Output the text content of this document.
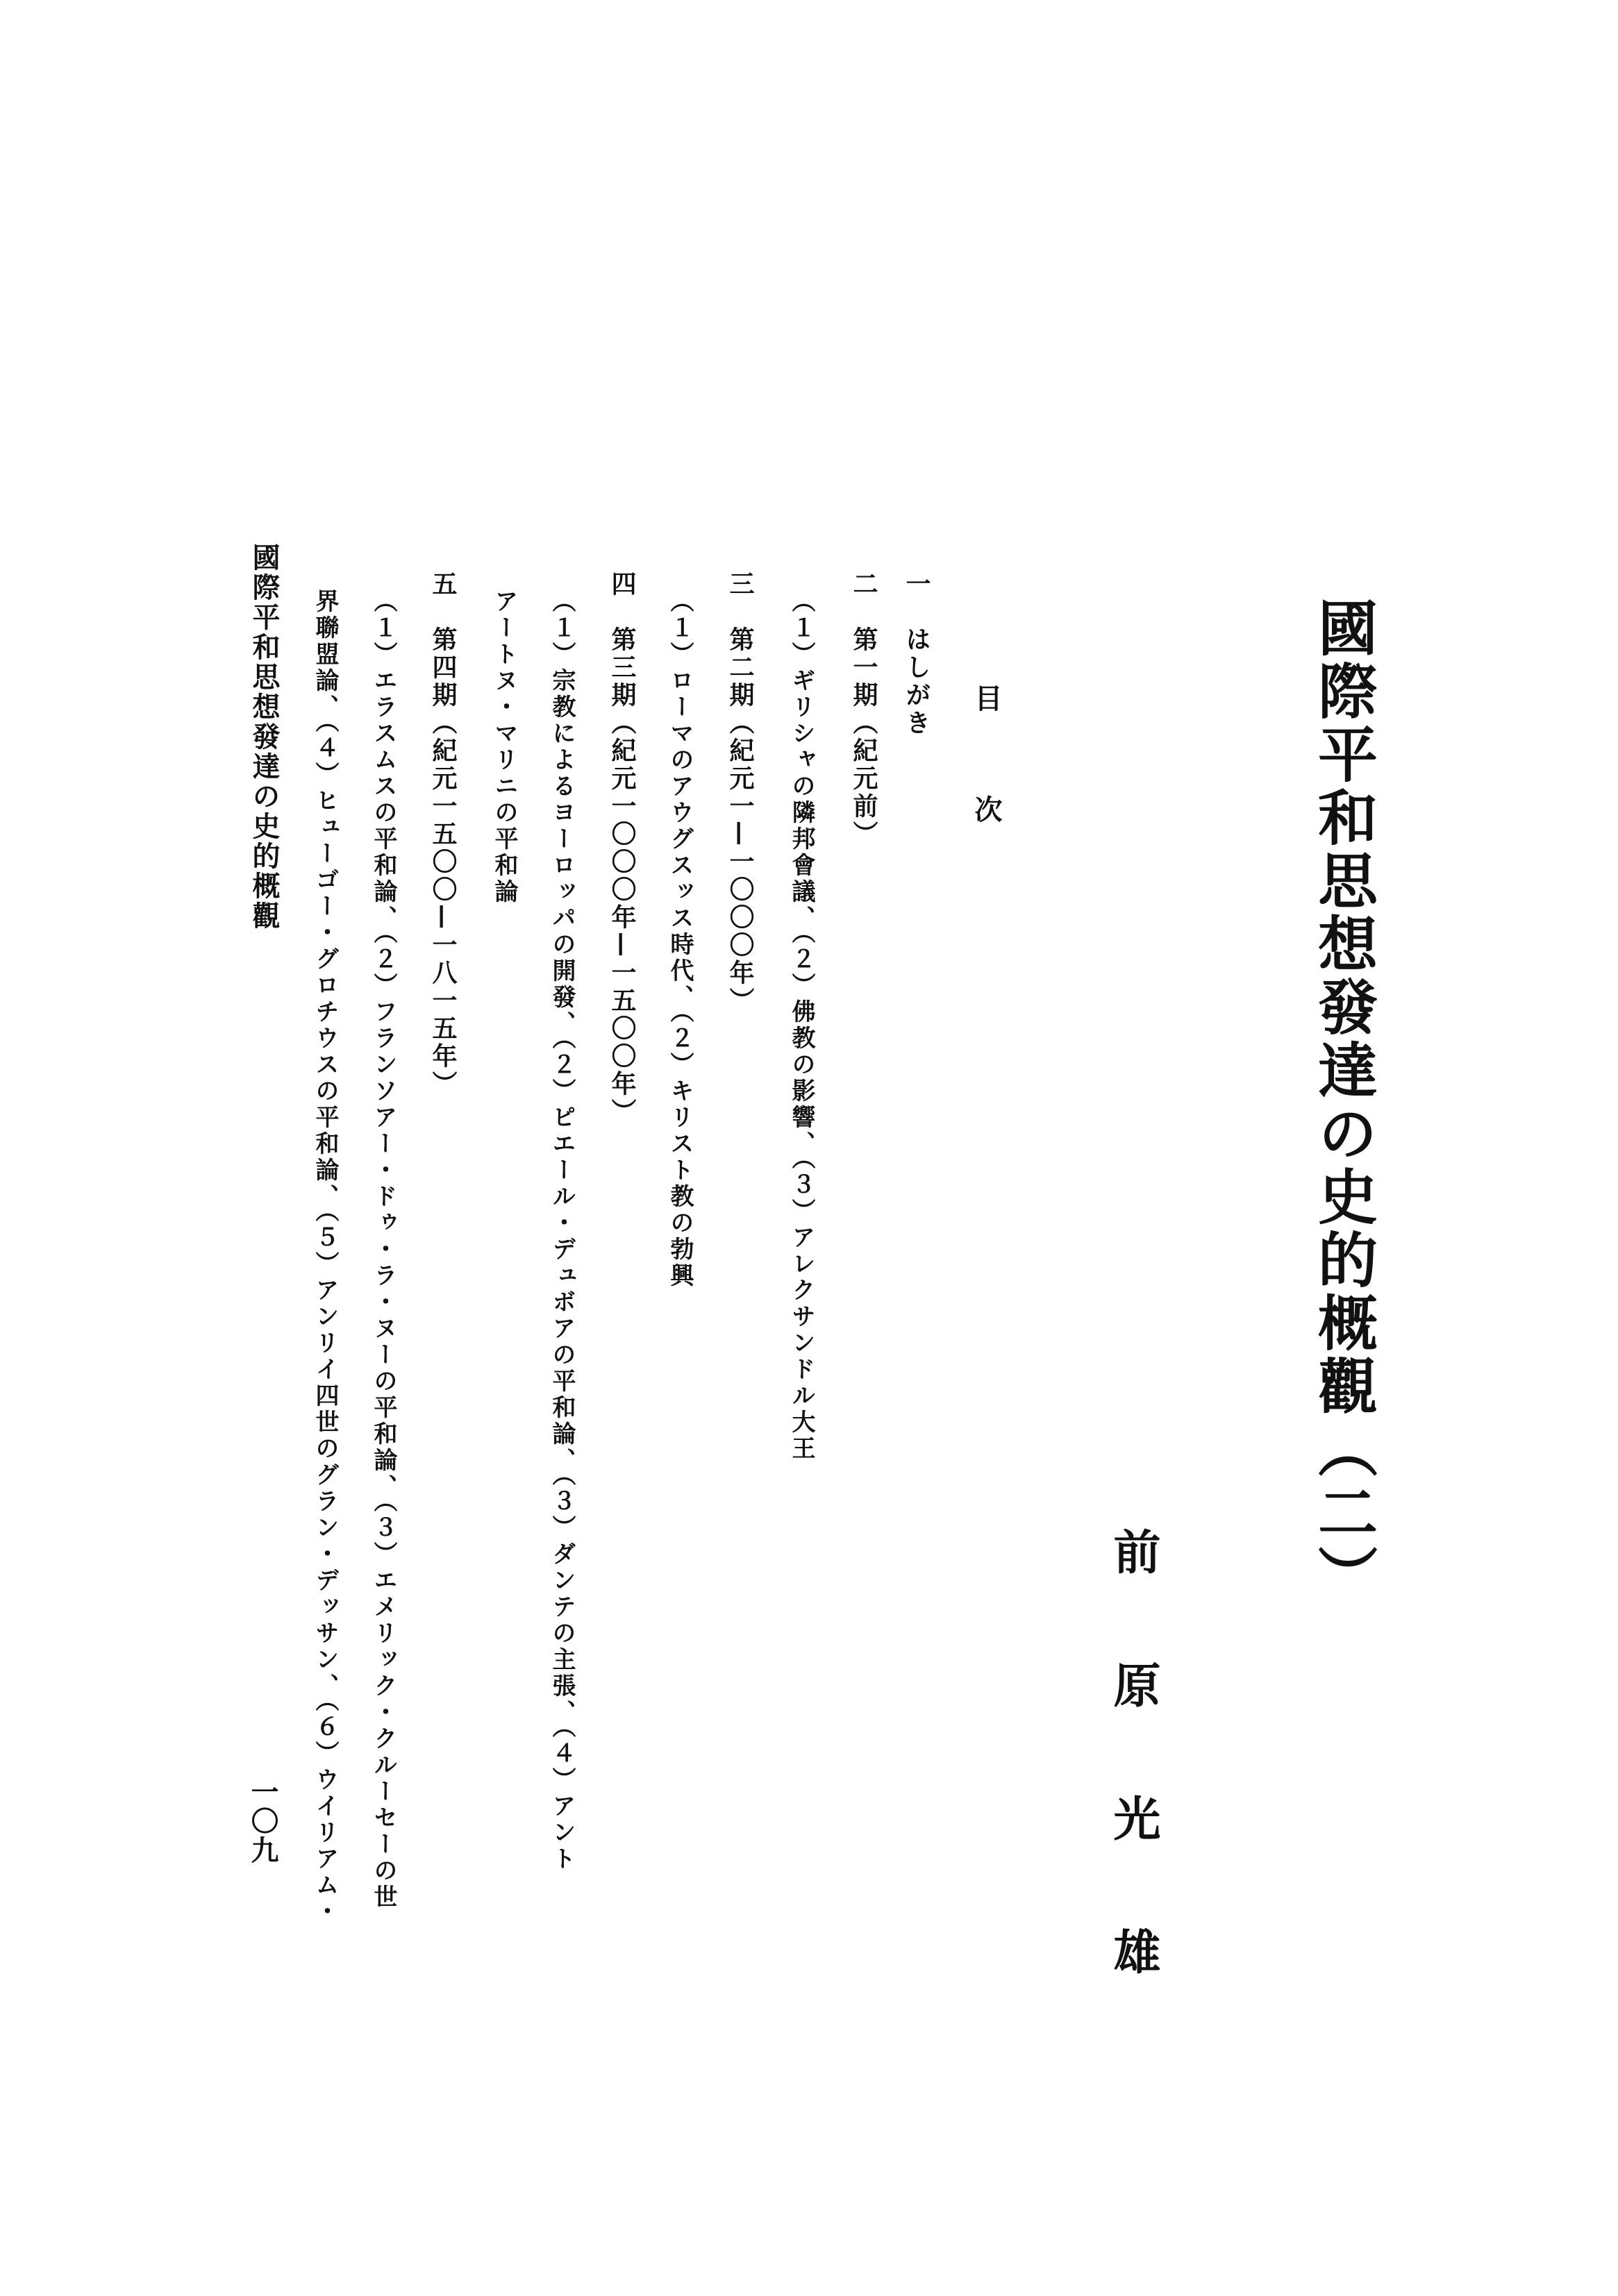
國際平和思想發達の史的概觀（二）
前原光雄
目次
一　はしがき
二　第一期（紀元前）
（１）ギリシャの隣邦會議、（２）佛教の影響、（３）アレクサンドル大王
三　第二期（紀元一—一〇〇〇年）
（１）ローマのアウグスッス時代、（２）キリスト教の勃興
四　第三期（紀元一〇〇〇年—一五〇〇年）
（１）宗教によるヨーロッパの開發、（２）ピエール・デュボアの平和論、（３）ダンテの主張、（４）アント
アートヌ・マリニの平和論
五　第四期（紀元一五〇〇—一八一五年）
（１）エラスムスの平和論、（２）フランソアー・ドゥ・ラ・ヌーの平和論、（３）エメリック・クルーセーの世
界聯盟論、（４）ヒューゴー・グロチウスの平和論、（５）アンリイ四世のグラン・デッサン、（６）ウイリアム・
國際平和思想發達の史的概觀
一〇九
